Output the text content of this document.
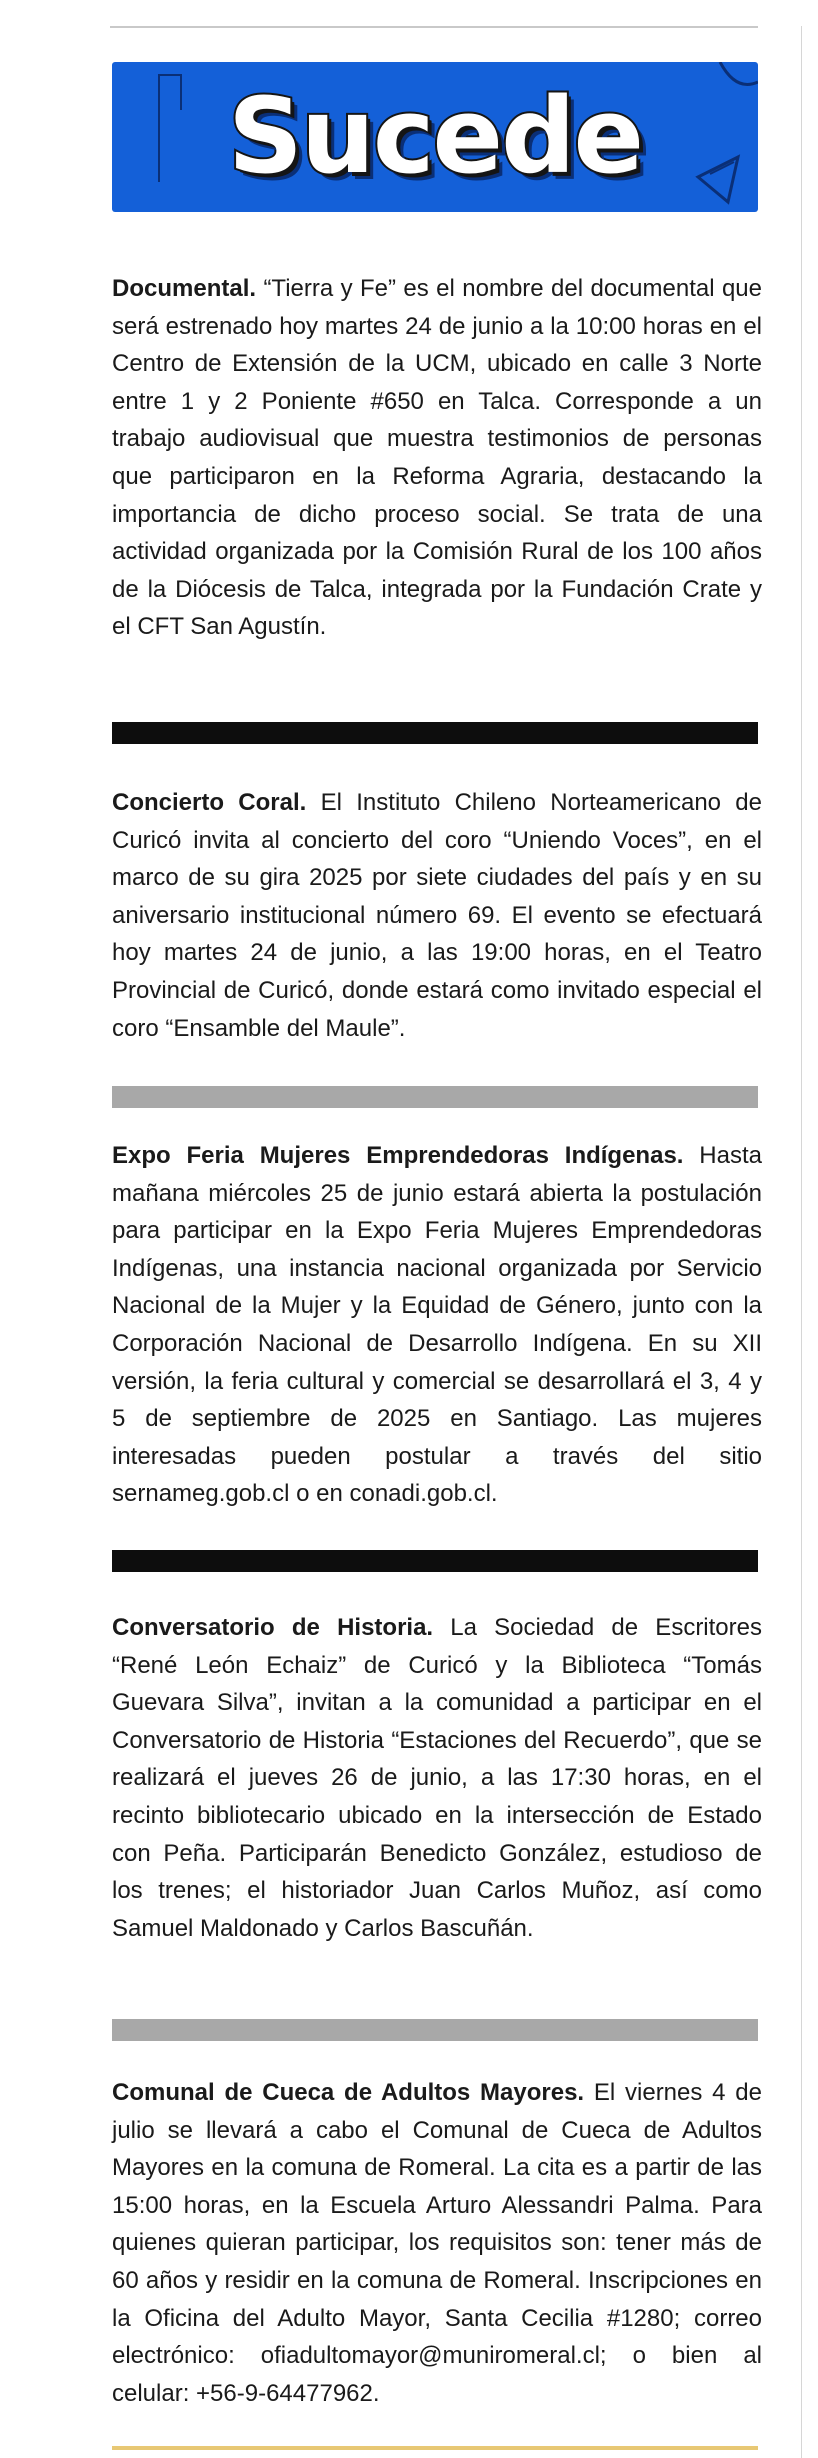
Sucede
Documental. “Tierra y Fe” es el nombre del documental que será estrenado hoy martes 24 de junio a la 10:00 horas en el Centro de Extensión de la UCM, ubicado en calle 3 Norte entre 1 y 2 Poniente #650 en Talca. Corresponde a un trabajo audiovisual que muestra testimonios de personas que participaron en la Reforma Agraria, destacando la importancia de dicho proceso social. Se trata de una actividad organizada por la Comisión Rural de los 100 años de la Diócesis de Talca, integrada por la Fundación Crate y el CFT San Agustín.
Concierto Coral. El Instituto Chileno Norteamericano de Curicó invita al concierto del coro “Uniendo Voces”, en el marco de su gira 2025 por siete ciudades del país y en su aniversario institucional número 69. El evento se efectuará hoy martes 24 de junio, a las 19:00 horas, en el Teatro Provincial de Curicó, donde estará como invitado especial el coro “Ensamble del Maule”.
Expo Feria Mujeres Emprendedoras Indígenas. Hasta mañana miércoles 25 de junio estará abierta la postulación para participar en la Expo Feria Mujeres Emprendedoras Indígenas, una instancia nacional organizada por Servicio Nacional de la Mujer y la Equidad de Género, junto con la Corporación Nacional de Desarrollo Indígena. En su XII versión, la feria cultural y comercial se desarrollará el 3, 4 y 5 de septiembre de 2025 en Santiago. Las mujeres interesadas pueden postular a través del sitio sernameg.gob.cl o en conadi.gob.cl.
Conversatorio de Historia. La Sociedad de Escritores “René León Echaiz” de Curicó y la Biblioteca “Tomás Guevara Silva”, invitan a la comunidad a participar en el Conversatorio de Historia “Estaciones del Recuerdo”, que se realizará el jueves 26 de junio, a las 17:30 horas, en el recinto bibliotecario ubicado en la intersección de Estado con Peña. Participarán Benedicto González, estudioso de los trenes; el historiador Juan Carlos Muñoz, así como Samuel Maldonado y Carlos Bascuñán.
Comunal de Cueca de Adultos Mayores. El viernes 4 de julio se llevará a cabo el Comunal de Cueca de Adultos Mayores en la comuna de Romeral. La cita es a partir de las 15:00 horas, en la Escuela Arturo Alessandri Palma. Para quienes quieran participar, los requisitos son: tener más de 60 años y residir en la comuna de Romeral. Inscripciones en la Oficina del Adulto Mayor, Santa Cecilia #1280; correo electrónico: ofiadultomayor@muniromeral.cl; o bien al celular: +56-9-64477962.
